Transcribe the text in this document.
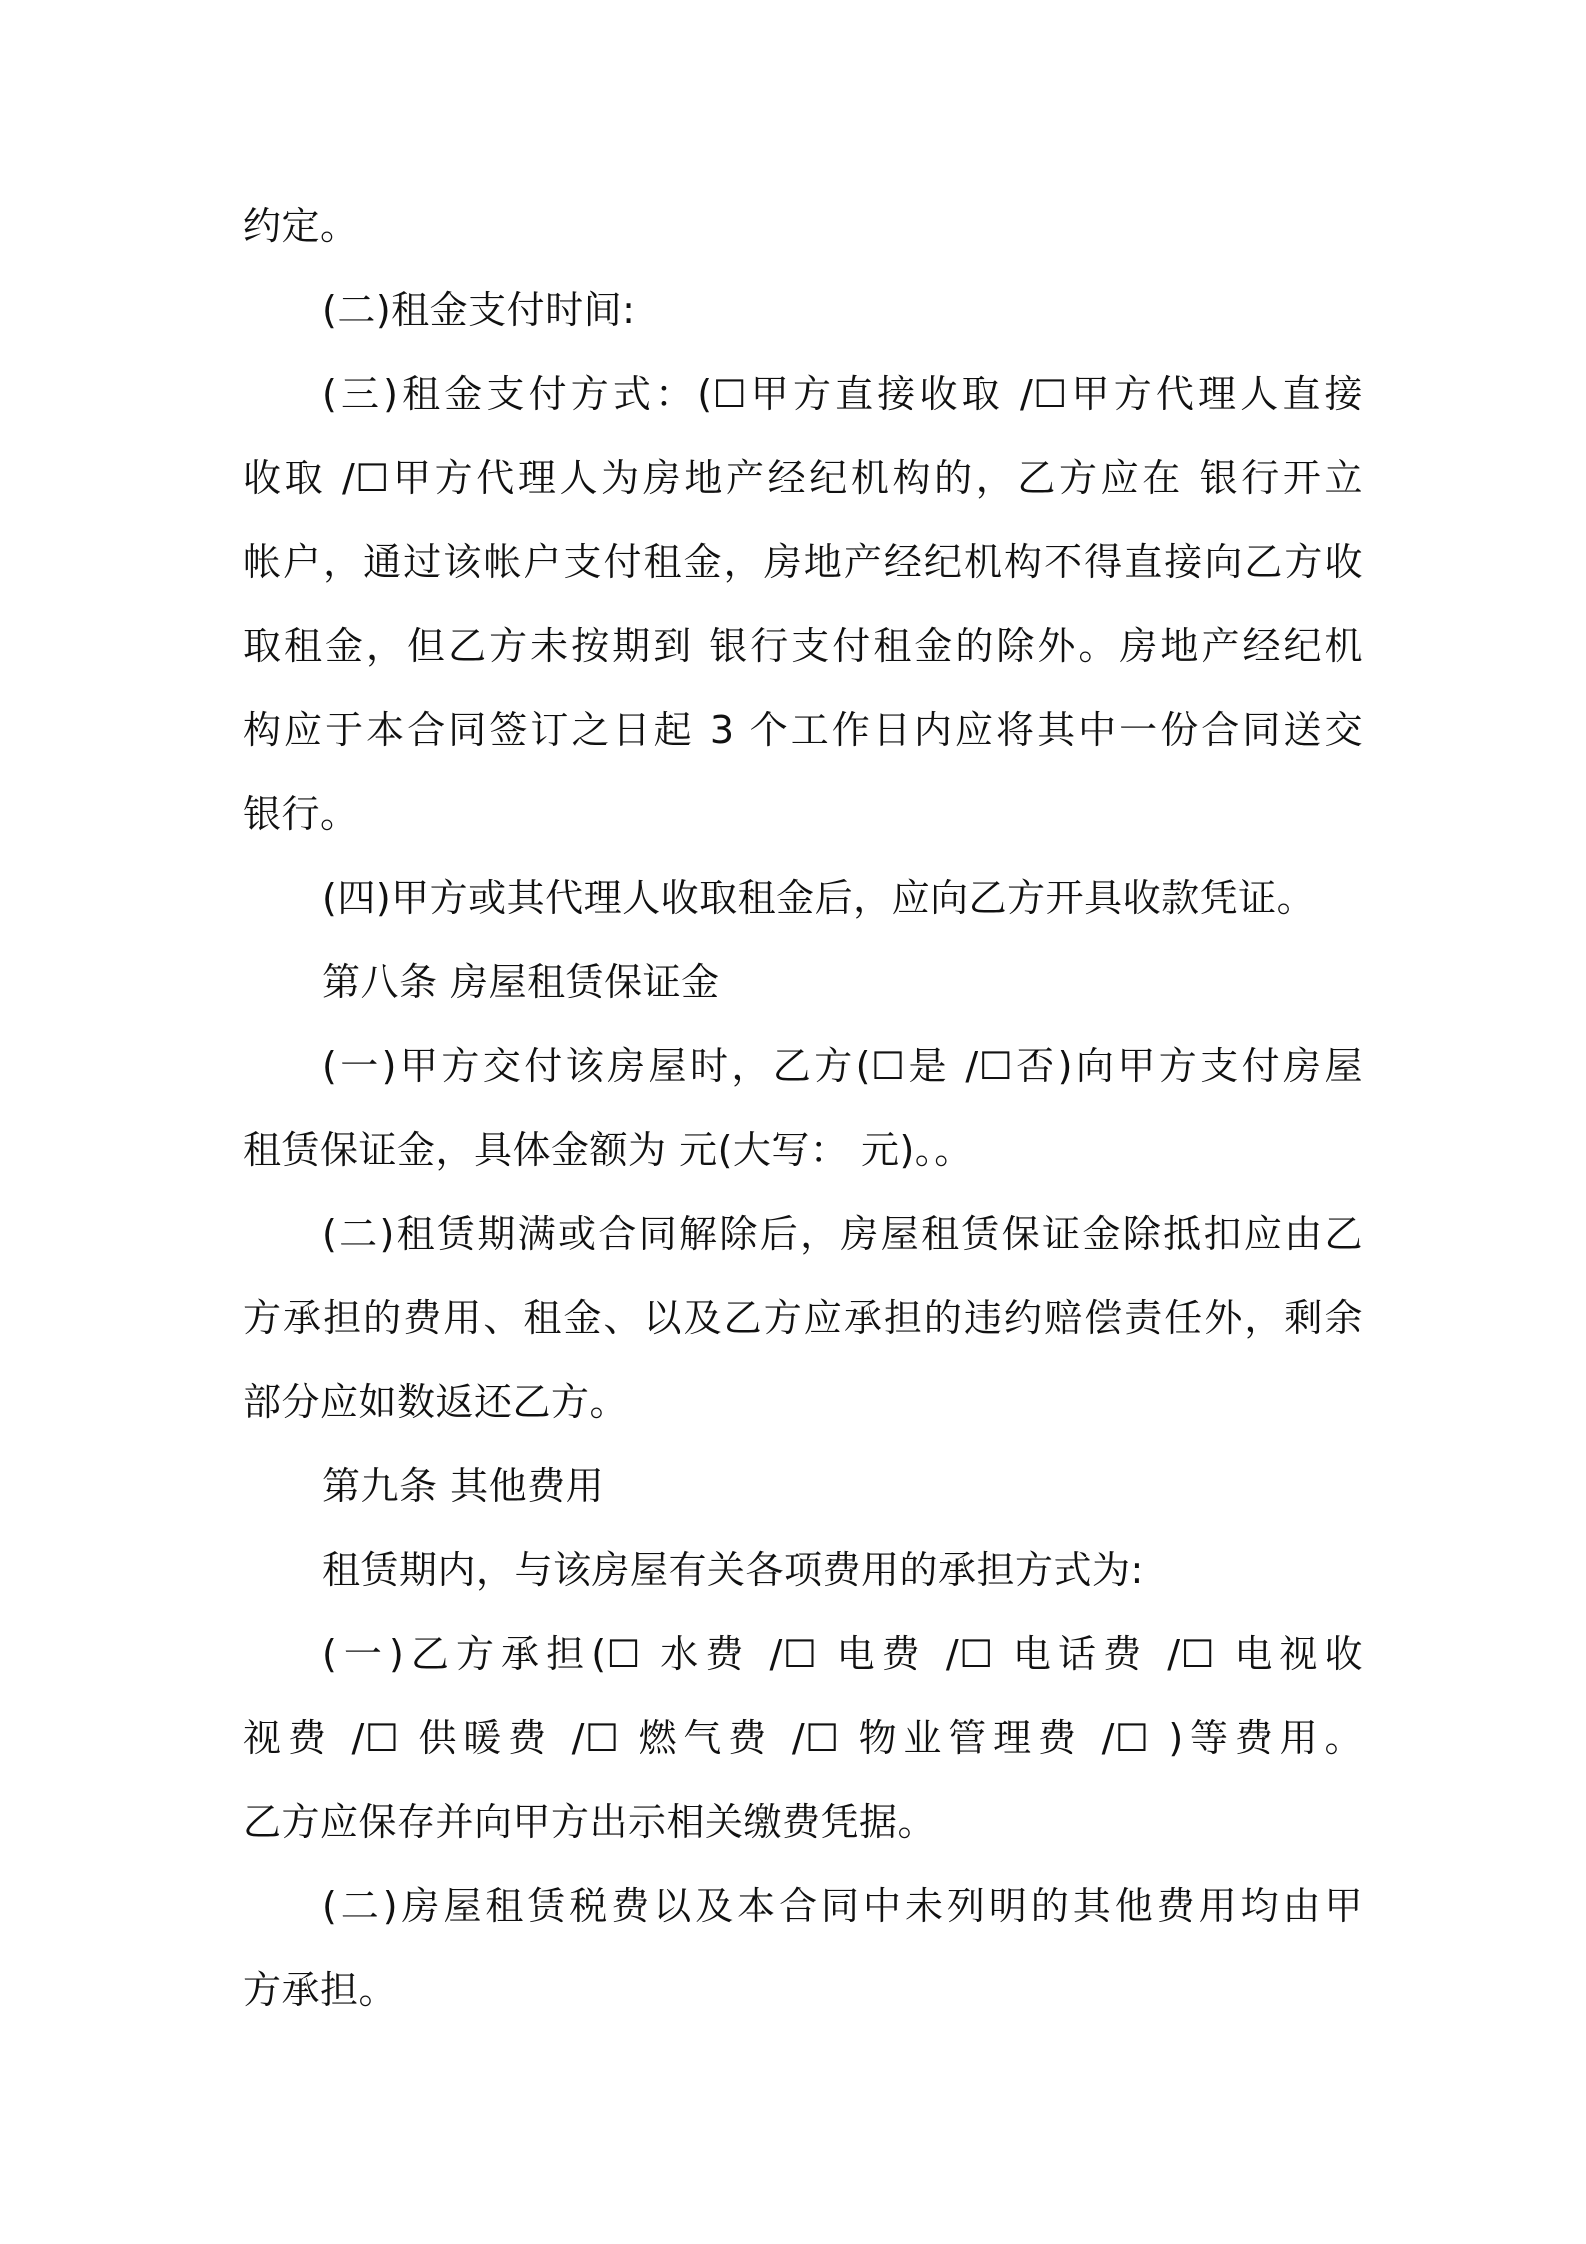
约定。
(二)租金支付时间:
(三)租金支付方式：(☐甲方直接收取 /☐甲方代理人直接
收取 /☐甲方代理人为房地产经纪机构的，乙方应在 银行开立
帐户，通过该帐户支付租金，房地产经纪机构不得直接向乙方收
取租金，但乙方未按期到 银行支付租金的除外。房地产经纪机
构应于本合同签订之日起 3 个工作日内应将其中一份合同送交
银行。
(四)甲方或其代理人收取租金后，应向乙方开具收款凭证。
第八条 房屋租赁保证金
(一)甲方交付该房屋时，乙方(☐是 /☐否)向甲方支付房屋
租赁保证金，具体金额为 元(大写： 元)。。
(二)租赁期满或合同解除后，房屋租赁保证金除抵扣应由乙
方承担的费用、租金、以及乙方应承担的违约赔偿责任外，剩余
部分应如数返还乙方。
第九条 其他费用
租赁期内，与该房屋有关各项费用的承担方式为:
(一)乙方承担(☐ 水费 /☐ 电费 /☐ 电话费 /☐ 电视收
视费 /☐ 供暖费 /☐ 燃气费 /☐ 物业管理费 /☐ )等费用。
乙方应保存并向甲方出示相关缴费凭据。
(二)房屋租赁税费以及本合同中未列明的其他费用均由甲
方承担。
